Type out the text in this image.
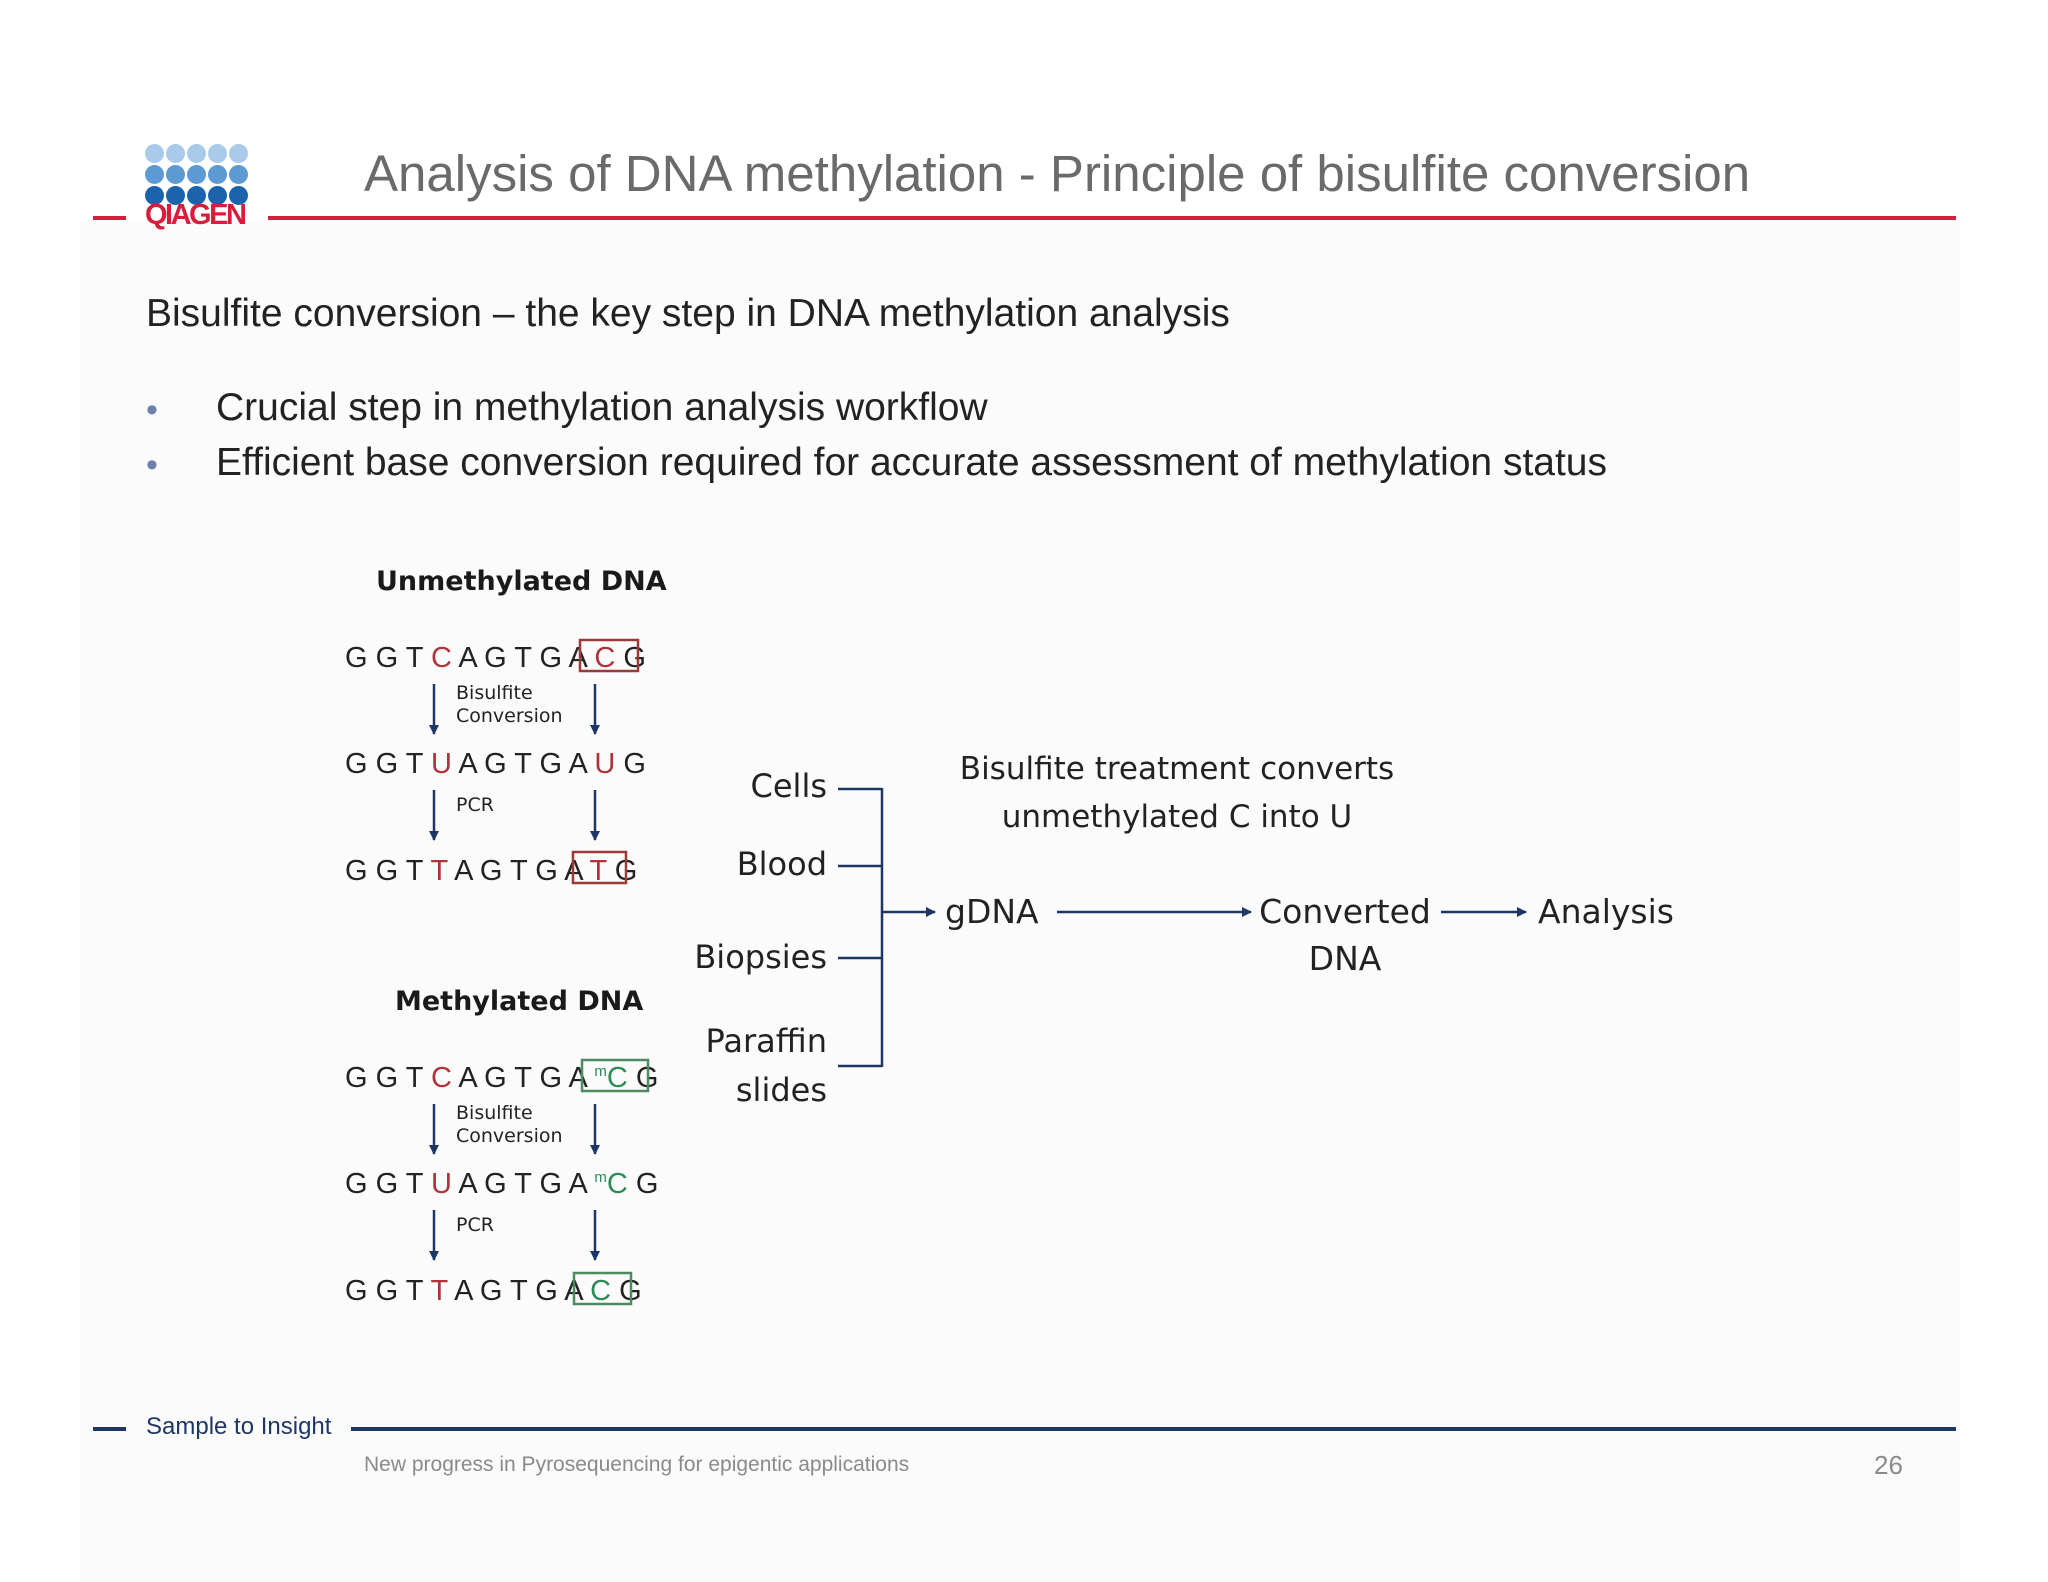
QIAGEN
Analysis of DNA methylation - Principle of bisulfite conversion
Bisulfite conversion – the key step in DNA methylation analysis
• Crucial step in methylation analysis workflow
• Efficient base conversion required for accurate assessment of methylation status
Unmethylated DNA
G G T C A G T G A C G
Bisulfite
Conversion
G G T U A G T G A U G
PCR
G G T T A G T G A T G
Methylated DNA
G G T C A G T G A $^m$C G
Bisulfite
Conversion
G G T U A G T G A $^m$C G
PCR
G G T T A G T G A C G
Cells
Blood
Biopsies
Paraffin
slides
gDNA
Bisulfite treatment converts
unmethylated C into U
Converted
DNA
Analysis
Sample to Insight
New progress in Pyrosequencing for epigentic applications	26
